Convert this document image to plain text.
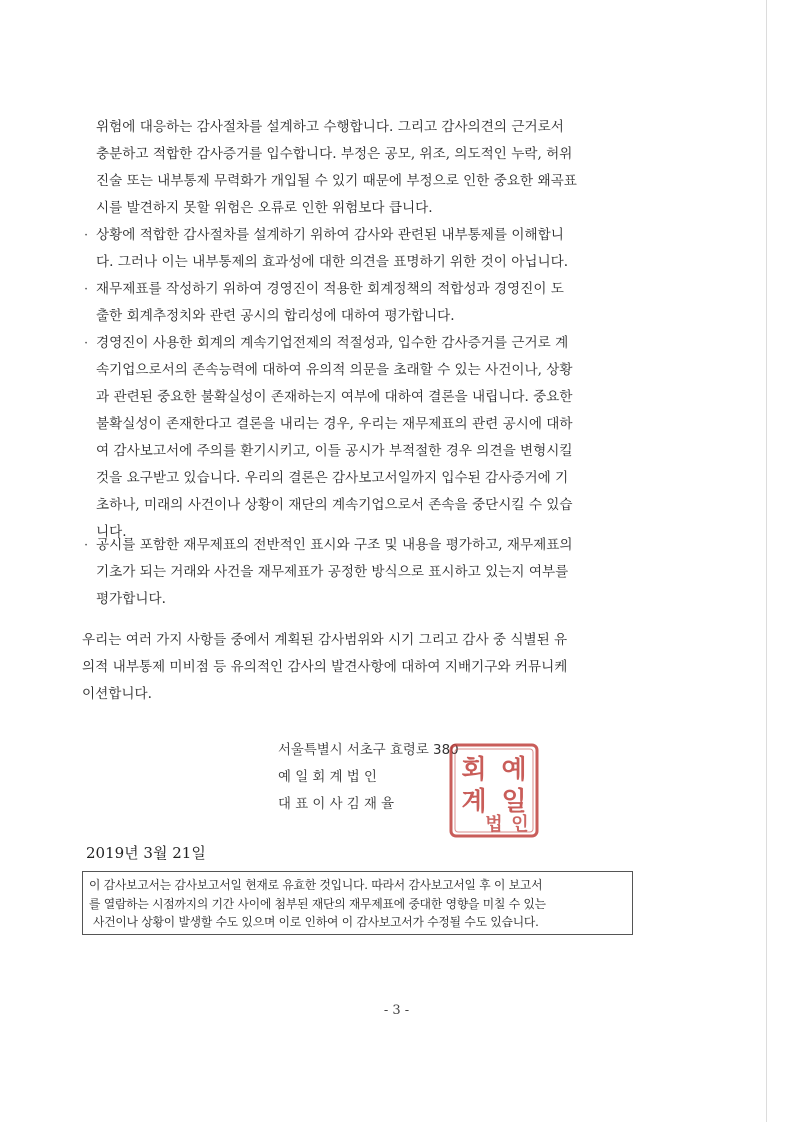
위험에 대응하는 감사절차를 설계하고 수행합니다. 그리고 감사의견의 근거로서
충분하고 적합한 감사증거를 입수합니다. 부정은 공모, 위조, 의도적인 누락, 허위
진술 또는 내부통제 무력화가 개입될 수 있기 때문에 부정으로 인한 중요한 왜곡표
시를 발견하지 못할 위험은 오류로 인한 위험보다 큽니다.
· 상황에 적합한 감사절차를 설계하기 위하여 감사와 관련된 내부통제를 이해합니
다. 그러나 이는 내부통제의 효과성에 대한 의견을 표명하기 위한 것이 아닙니다.
· 재무제표를 작성하기 위하여 경영진이 적용한 회계정책의 적합성과 경영진이 도
출한 회계추정치와 관련 공시의 합리성에 대하여 평가합니다.
· 경영진이 사용한 회계의 계속기업전제의 적절성과, 입수한 감사증거를 근거로 계
속기업으로서의 존속능력에 대하여 유의적 의문을 초래할 수 있는 사건이나, 상황
과 관련된 중요한 불확실성이 존재하는지 여부에 대하여 결론을 내립니다. 중요한
불확실성이 존재한다고 결론을 내리는 경우, 우리는 재무제표의 관련 공시에 대하
여 감사보고서에 주의를 환기시키고, 이들 공시가 부적절한 경우 의견을 변형시킬
것을 요구받고 있습니다. 우리의 결론은 감사보고서일까지 입수된 감사증거에 기
초하나, 미래의 사건이나 상황이 재단의 계속기업으로서 존속을 중단시킬 수 있습
니다.
· 공시를 포함한 재무제표의 전반적인 표시와 구조 및 내용을 평가하고, 재무제표의
기초가 되는 거래와 사건을 재무제표가 공정한 방식으로 표시하고 있는지 여부를
평가합니다.
우리는 여러 가지 사항들 중에서 계획된 감사범위와 시기 그리고 감사 중 식별된 유
의적 내부통제 미비점 등 유의적인 감사의 발견사항에 대하여 지배기구와 커뮤니케
이션합니다.
서울특별시 서초구 효령로 380
예 일 회 계 법 인
대 표 이 사 김 재 율
예
일
회
계
법 인
2019년 3월 21일
이 감사보고서는 감사보고서일 현재로 유효한 것입니다. 따라서 감사보고서일 후 이 보고서
를 열람하는 시점까지의 기간 사이에 첨부된 재단의 재무제표에 중대한 영향을 미칠 수 있는
사건이나 상황이 발생할 수도 있으며 이로 인하여 이 감사보고서가 수정될 수도 있습니다.
- 3 -
